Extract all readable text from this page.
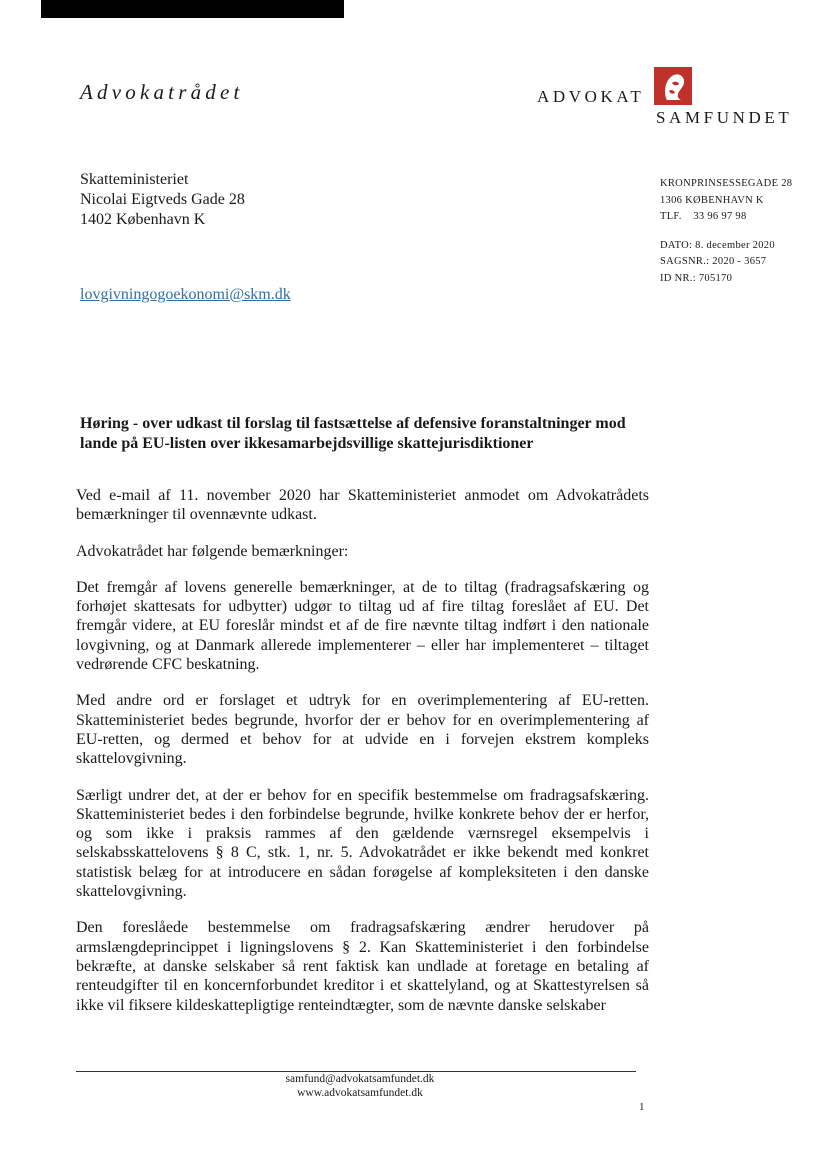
Advokatrådet	ADVOKAT
SAMFUNDET
Skatteministeriet
Nicolai Eigtveds Gade 28
1402 København K
KRONPRINSESSEGADE 28
1306 KØBENHAVN K
TLF.    33 96 97 98
DATO: 8. december 2020
SAGSNR.: 2020 - 3657
ID NR.: 705170
lovgivningogoekonomi@skm.dk
Høring - over udkast til forslag til fastsættelse af defensive foranstaltninger mod lande på EU-listen over ikkesamarbejdsvillige skattejurisdiktioner

Ved e-mail af 11. november 2020 har Skatteministeriet anmodet om Advokatrådets bemærkninger til ovennævnte udkast.

Advokatrådet har følgende bemærkninger:

Det fremgår af lovens generelle bemærkninger, at de to tiltag (fradragsafskæring og forhøjet skattesats for udbytter) udgør to tiltag ud af fire tiltag foreslået af EU. Det fremgår videre, at EU foreslår mindst et af de fire nævnte tiltag indført i den nationale lovgivning, og at Danmark allerede implementerer – eller har implementeret – tiltaget vedrørende CFC beskatning.

Med andre ord er forslaget et udtryk for en overimplementering af EU-retten. Skatteministeriet bedes begrunde, hvorfor der er behov for en overimplementering af EU-retten, og dermed et behov for at udvide en i forvejen ekstrem kompleks skattelovgivning.

Særligt undrer det, at der er behov for en specifik bestemmelse om fradragsafskæring. Skatteministeriet bedes i den forbindelse begrunde, hvilke konkrete behov der er herfor, og som ikke i praksis rammes af den gældende værnsregel eksempelvis i selskabsskattelovens § 8 C, stk. 1, nr. 5. Advokatrådet er ikke bekendt med konkret statistisk belæg for at introducere en sådan forøgelse af kompleksiteten i den danske skattelovgivning.

Den foreslåede bestemmelse om fradragsafskæring ændrer herudover på armslængdeprincippet i ligningslovens § 2. Kan Skatteministeriet i den forbindelse bekræfte, at danske selskaber så rent faktisk kan undlade at foretage en betaling af renteudgifter til en koncernforbundet kreditor i et skattelyland, og at Skattestyrelsen så ikke vil fiksere kildeskattepligtige renteindtægter, som de nævnte danske selskaber

samfund@advokatsamfundet.dk
www.advokatsamfundet.dk
1
